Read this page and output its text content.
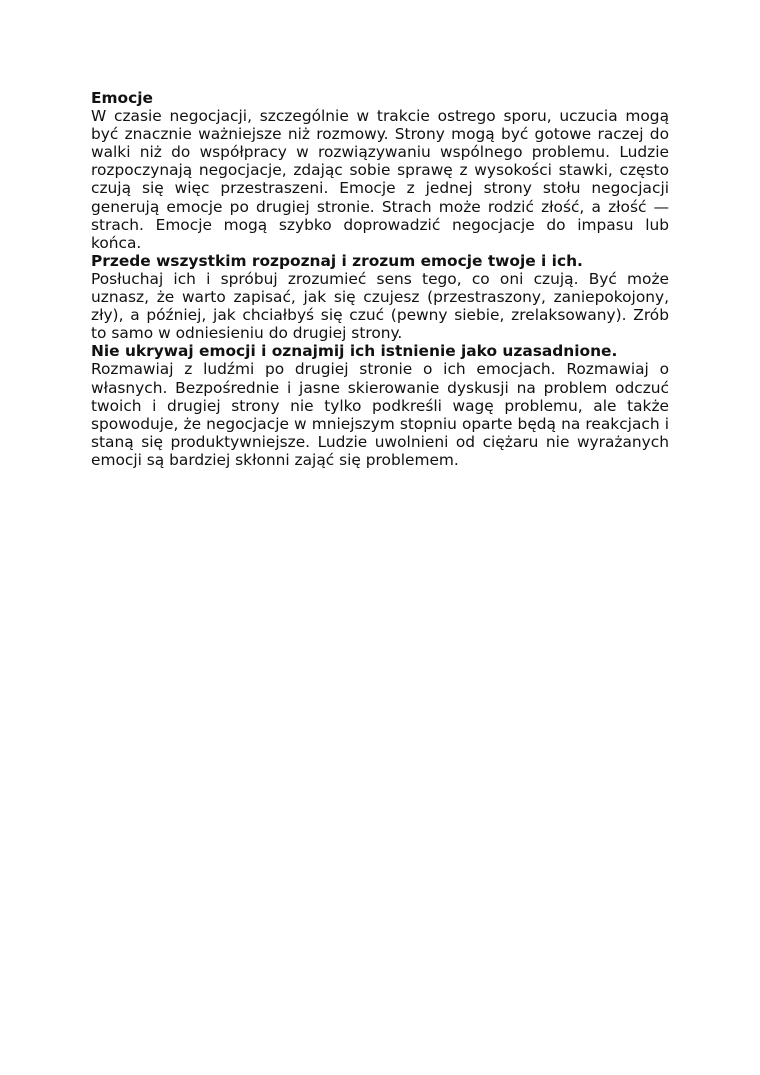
Emocje

W czasie negocjacji, szczególnie w trakcie ostrego sporu, uczucia mogą być znacznie ważniejsze niż rozmowy. Strony mogą być gotowe raczej do walki niż do współpracy w rozwiązywaniu wspólnego problemu. Ludzie rozpoczynają negocjacje, zdając sobie sprawę z wysokości stawki, często czują się więc przestraszeni. Emocje z jednej strony stołu negocjacji generują emocje po drugiej stronie. Strach może rodzić złość, a złość — strach. Emocje mogą szybko doprowadzić negocjacje do impasu lub końca.

Przede wszystkim rozpoznaj i zrozum emocje twoje i ich.

Posłuchaj ich i spróbuj zrozumieć sens tego, co oni czują. Być może uznasz, że warto zapisać, jak się czujesz (przestraszony, zaniepokojony, zły), a później, jak chciałbyś się czuć (pewny siebie, zrelaksowany). Zrób to samo w odniesieniu do drugiej strony.

Nie ukrywaj emocji i oznajmij ich istnienie jako uzasadnione.

Rozmawiaj z ludźmi po drugiej stronie o ich emocjach. Rozmawiaj o własnych. Bezpośrednie i jasne skierowanie dyskusji na problem odczuć twoich i drugiej strony nie tylko podkreśli wagę problemu, ale także spowoduje, że negocjacje w mniejszym stopniu oparte będą na reakcjach i staną się produktywniejsze. Ludzie uwolnieni od ciężaru nie wyrażanych emocji są bardziej skłonni zająć się problemem.
